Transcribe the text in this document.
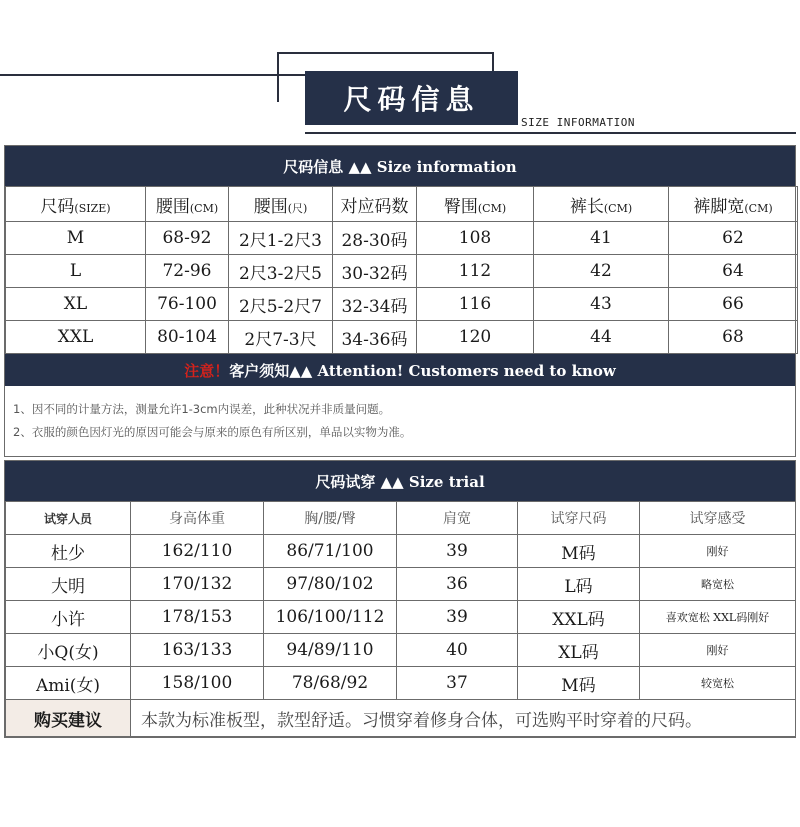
尺码信息
SIZE INFORMATION
尺码信息 ▲▲ Size information
尺码(SIZE)	腰围(CM)	腰围(尺)	对应码数	臀围(CM)	裤长(CM)	裤脚宽(CM)
M	68-92	2尺1-2尺3	28-30码	108	41	62
L	72-96	2尺3-2尺5	30-32码	112	42	64
XL	76-100	2尺5-2尺7	32-34码	116	43	66
XXL	80-104	2尺7-3尺	34-36码	120	44	68
注意！ 客户须知▲▲ Attention! Customers need to know
1、因不同的计量方法，测量允许1-3cm内误差，此种状况并非质量问题。
2、衣服的颜色因灯光的原因可能会与原来的原色有所区别，单品以实物为准。
尺码试穿 ▲▲ Size trial
试穿人员	身高体重	胸/腰/臀	肩宽	试穿尺码	试穿感受
杜少	162/110	86/71/100	39	M码	刚好
大明	170/132	97/80/102	36	L码	略宽松
小许	178/153	106/100/112	39	XXL码	喜欢宽松 XXL码刚好
小Q(女)	163/133	94/89/110	40	XL码	刚好
Ami(女)	158/100	78/68/92	37	M码	较宽松
购买建议	本款为标准板型，款型舒适。习惯穿着修身合体，可选购平时穿着的尺码。				
